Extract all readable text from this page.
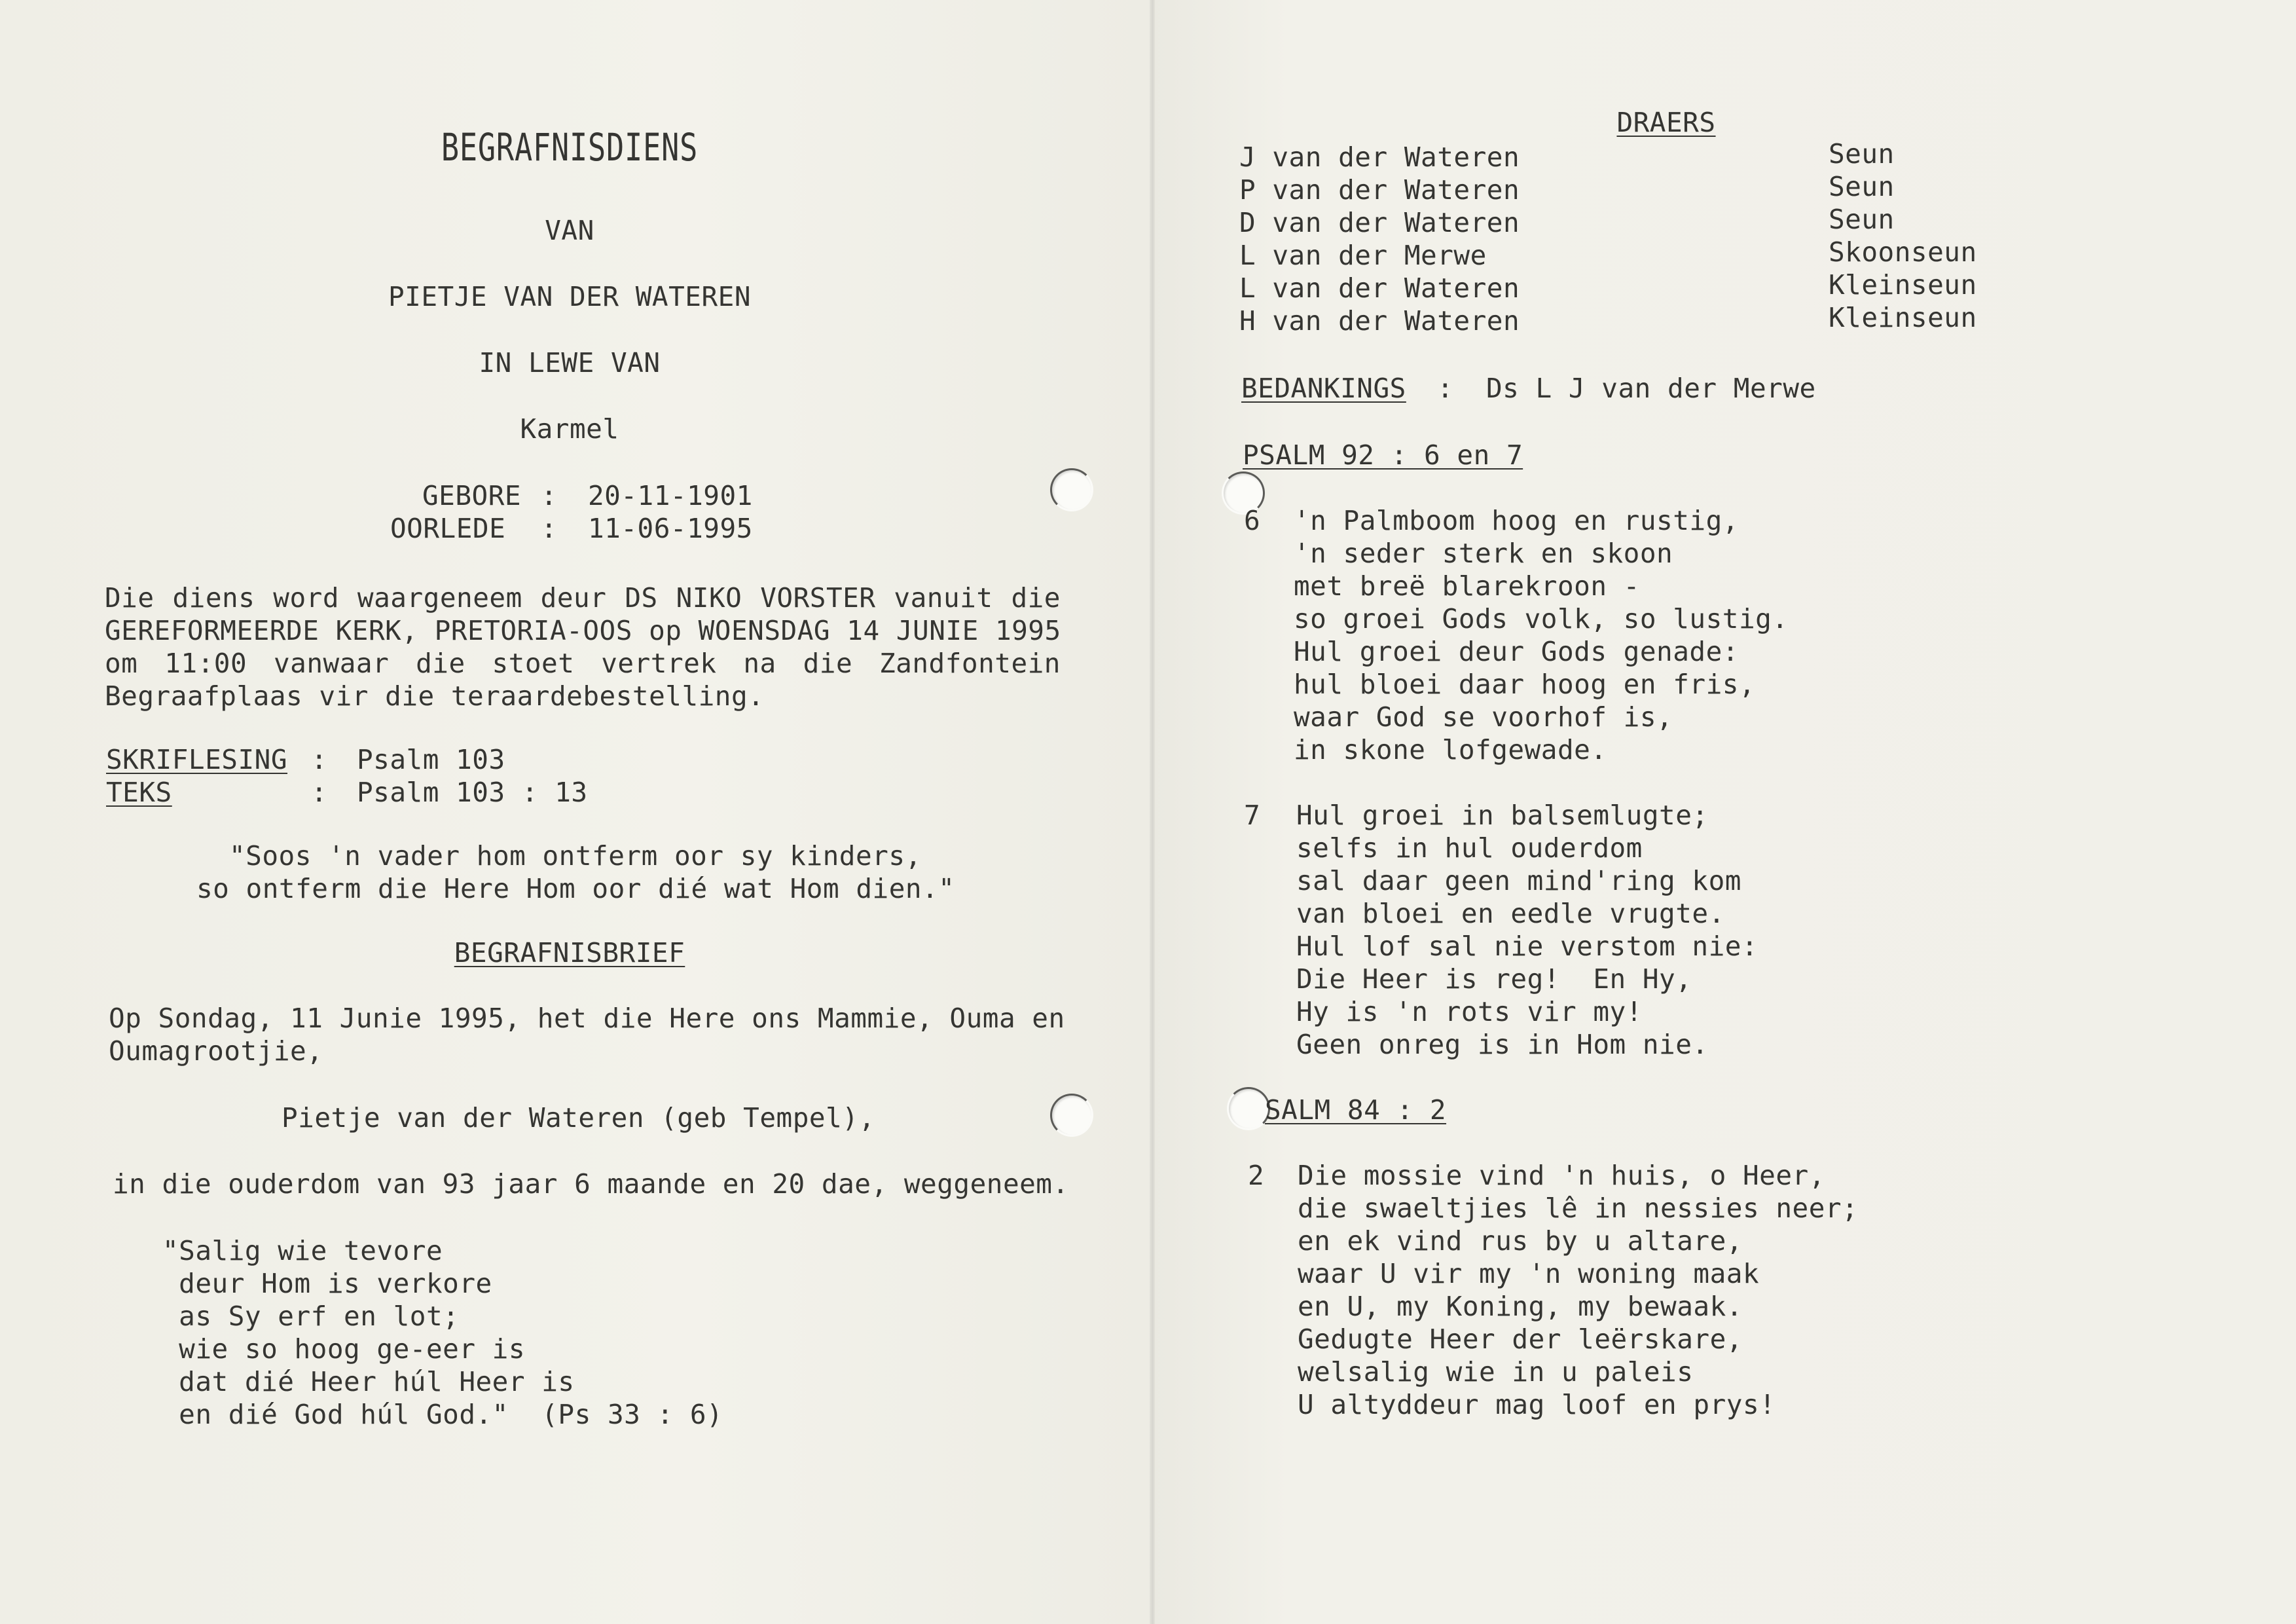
BEGRAFNISDIENS
VAN
PIETJE VAN DER WATEREN
IN LEWE VAN
Karmel
GEBORE : 20-11-1901
OORLEDE : 11-06-1995
Die diens word waargeneem deur DS NIKO VORSTER vanuit die
GEREFORMEERDE KERK, PRETORIA-OOS op WOENSDAG 14 JUNIE 1995
om 11:00 vanwaar die stoet vertrek na die Zandfontein
Begraafplaas vir die teraardebestelling.
SKRIFLESING : Psalm 103
TEKS	: Psalm 103 : 13
"Soos 'n vader hom ontferm oor sy kinders,
so ontferm die Here Hom oor dié wat Hom dien."
BEGRAFNISBRIEF
Op Sondag, 11 Junie 1995, het die Here ons Mammie, Ouma en
Oumagrootjie,
Pietje van der Wateren (geb Tempel),
in die ouderdom van 93 jaar 6 maande en 20 dae, weggeneem.
"Salig wie tevore
deur Hom is verkore
as Sy erf en lot;
wie so hoog ge-eer is
dat dié Heer húl Heer is
en dié God húl God."  (Ps 33 : 6)
DRAERS
J van der Wateren	Seun
P van der Wateren	Seun
D van der Wateren	Seun
L van der Merwe	Skoonseun
L van der Wateren	Kleinseun
H van der Wateren	Kleinseun
BEDANKINGS : Ds L J van der Merwe
PSALM 92 : 6 en 7
6 'n Palmboom hoog en rustig,
'n seder sterk en skoon
met breë blarekroon -
so groei Gods volk, so lustig.
Hul groei deur Gods genade:
hul bloei daar hoog en fris,
waar God se voorhof is,
in skone lofgewade.
7 Hul groei in balsemlugte;
selfs in hul ouderdom
sal daar geen mind'ring kom
van bloei en eedle vrugte.
Hul lof sal nie verstom nie:
Die Heer is reg!  En Hy,
Hy is 'n rots vir my!
Geen onreg is in Hom nie.
SALM 84 : 2
2 Die mossie vind 'n huis, o Heer,
die swaeltjies lê in nessies neer;
en ek vind rus by u altare,
waar U vir my 'n woning maak
en U, my Koning, my bewaak.
Gedugte Heer der leërskare,
welsalig wie in u paleis
U altyddeur mag loof en prys!
